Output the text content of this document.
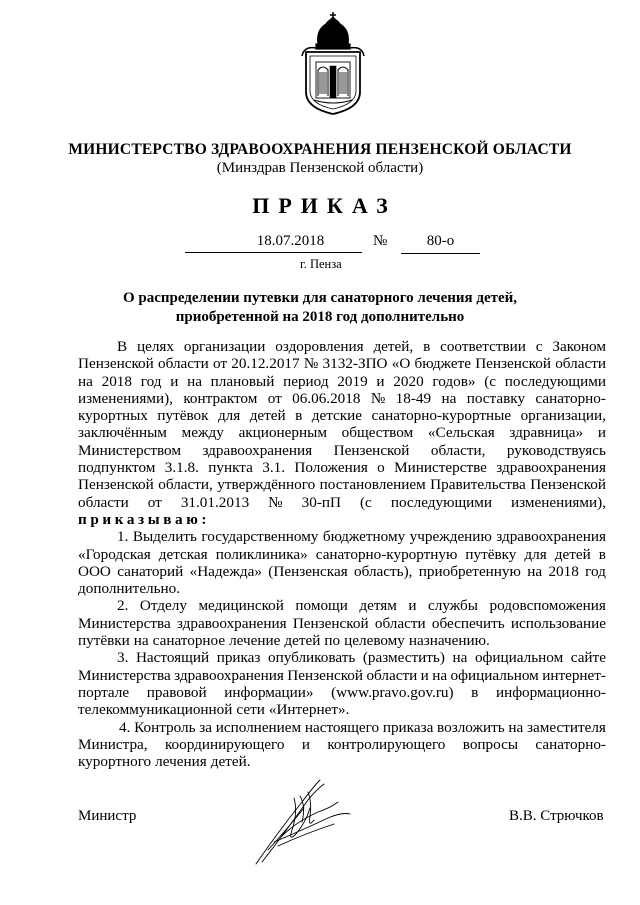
МИНИСТЕРСТВО ЗДРАВООХРАНЕНИЯ ПЕНЗЕНСКОЙ ОБЛАСТИ
(Минздрав Пензенской области)
ПРИКАЗ
18.07.2018	№	80-о
г. Пенза
О распределении путевки для санаторного лечения детей,
приобретенной на 2018 год дополнительно
В целях организации оздоровления детей, в соответствии с Законом
Пензенской области от 20.12.2017 № 3132-ЗПО «О бюджете Пензенской области
на 2018 год и на плановый период 2019 и 2020 годов» (с последующими
изменениями), контрактом от 06.06.2018 № 18-49 на поставку санаторно-
курортных путёвок для детей в детские санаторно-курортные организации,
заключённым между акционерным обществом «Сельская здравница» и
Министерством здравоохранения Пензенской области, руководствуясь
подпунктом 3.1.8. пункта 3.1. Положения о Министерстве здравоохранения
Пензенской области, утверждённого постановлением Правительства Пензенской
области от 31.01.2013 № 30-пП (с последующими изменениями),
приказываю:
1. Выделить государственному бюджетному учреждению здравоохранения
«Городская детская поликлиника» санаторно-курортную путёвку для детей в
ООО санаторий «Надежда» (Пензенская область), приобретенную на 2018 год
дополнительно.
2. Отделу медицинской помощи детям и службы родовспоможения
Министерства здравоохранения Пензенской области обеспечить использование
путёвки на санаторное лечение детей по целевому назначению.
3. Настоящий приказ опубликовать (разместить) на официальном сайте
Министерства здравоохранения Пензенской области и на официальном интернет-
портале правовой информации» (www.pravo.gov.ru) в информационно-
телекоммуникационной сети «Интернет».
4. Контроль за исполнением настоящего приказа возложить на заместителя
Министра, координирующего и контролирующего вопросы санаторно-
курортного лечения детей.
Министр	В.В. Стрючков
